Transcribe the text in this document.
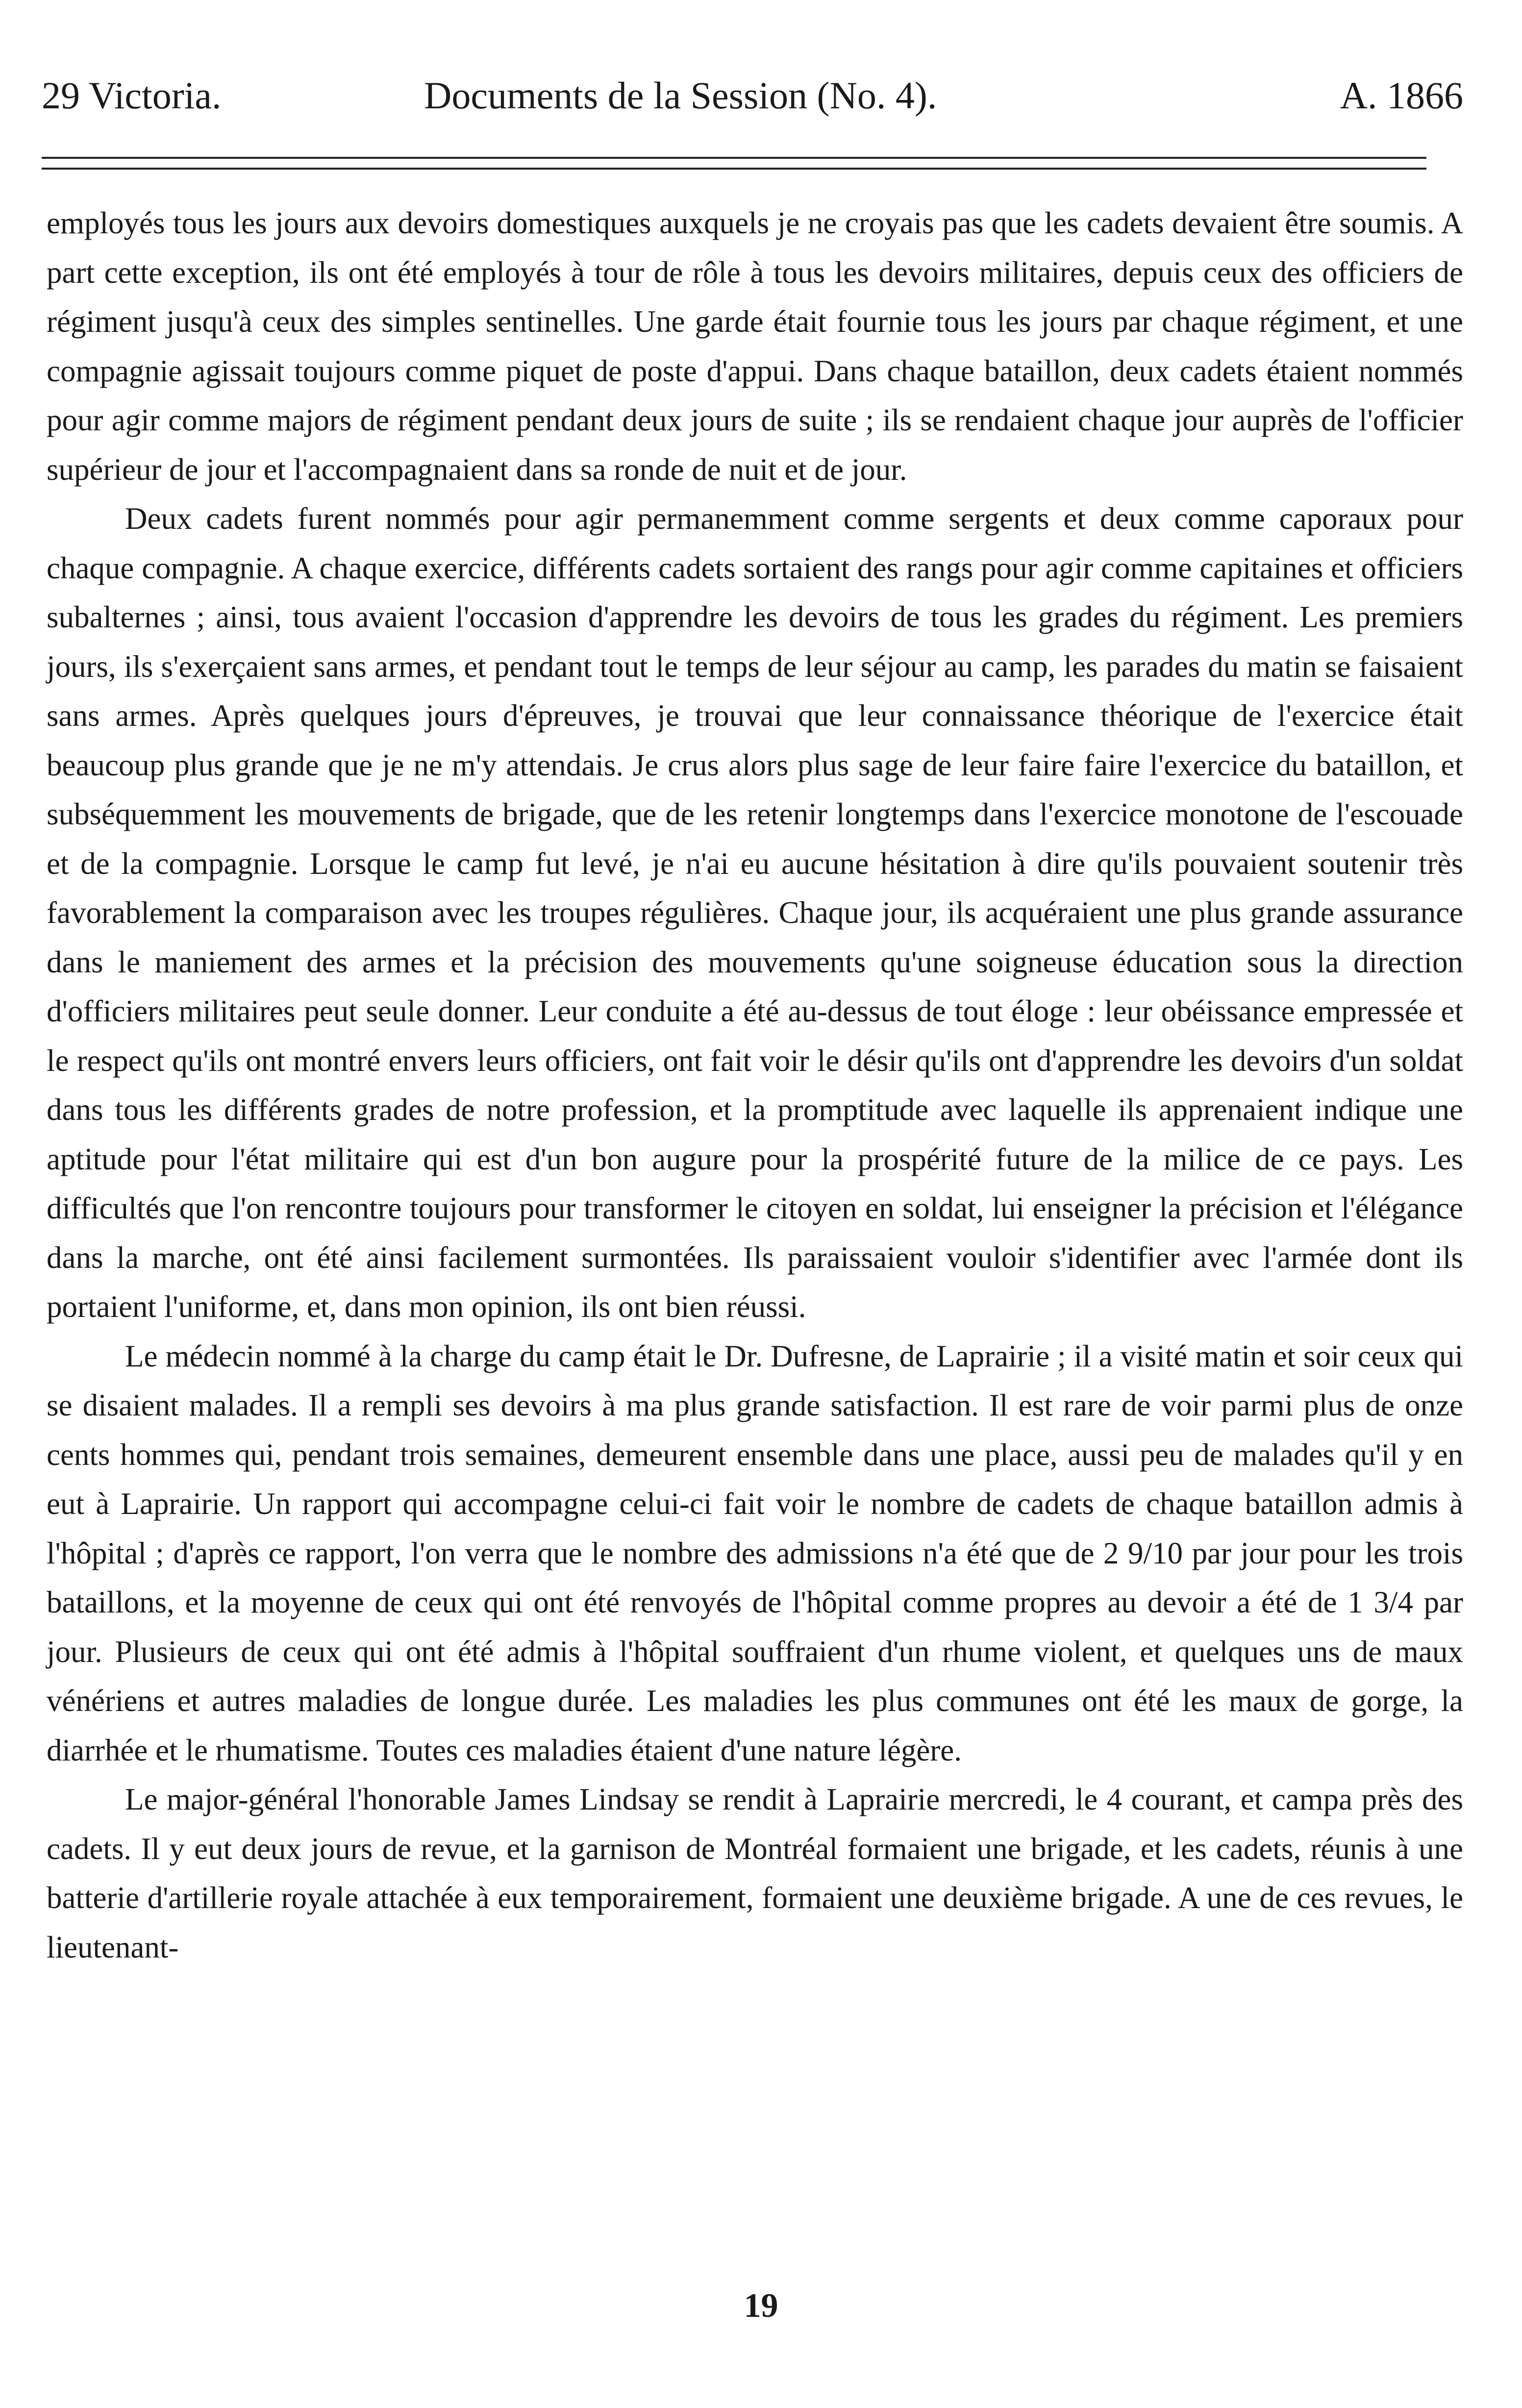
29 Victoria.	Documents de la Session (No. 4).	A. 1866

employés tous les jours aux devoirs domestiques auxquels je ne croyais pas que les cadets devaient être soumis. A part cette exception, ils ont été employés à tour de rôle à tous les devoirs militaires, depuis ceux des officiers de régiment jusqu'à ceux des simples sentinelles. Une garde était fournie tous les jours par chaque régiment, et une compagnie agissait toujours comme piquet de poste d'appui. Dans chaque bataillon, deux cadets étaient nommés pour agir comme majors de régiment pendant deux jours de suite ; ils se rendaient chaque jour auprès de l'officier supérieur de jour et l'accompagnaient dans sa ronde de nuit et de jour.

Deux cadets furent nommés pour agir permanemment comme sergents et deux comme caporaux pour chaque compagnie. A chaque exercice, différents cadets sortaient des rangs pour agir comme capitaines et officiers subalternes ; ainsi, tous avaient l'occasion d'apprendre les devoirs de tous les grades du régiment. Les premiers jours, ils s'exerçaient sans armes, et pendant tout le temps de leur séjour au camp, les parades du matin se faisaient sans armes. Après quelques jours d'épreuves, je trouvai que leur connaissance théorique de l'exercice était beaucoup plus grande que je ne m'y attendais. Je crus alors plus sage de leur faire faire l'exercice du bataillon, et subséquemment les mouvements de brigade, que de les retenir longtemps dans l'exercice monotone de l'escouade et de la compagnie. Lorsque le camp fut levé, je n'ai eu aucune hésitation à dire qu'ils pouvaient soutenir très favorablement la comparaison avec les troupes régulières. Chaque jour, ils acquéraient une plus grande assurance dans le maniement des armes et la précision des mouvements qu'une soigneuse éducation sous la direction d'officiers militaires peut seule donner. Leur conduite a été au-dessus de tout éloge : leur obéissance empressée et le respect qu'ils ont montré envers leurs officiers, ont fait voir le désir qu'ils ont d'apprendre les devoirs d'un soldat dans tous les différents grades de notre profession, et la promptitude avec laquelle ils apprenaient indique une aptitude pour l'état militaire qui est d'un bon augure pour la prospérité future de la milice de ce pays. Les difficultés que l'on rencontre toujours pour transformer le citoyen en soldat, lui enseigner la précision et l'élégance dans la marche, ont été ainsi facilement surmontées. Ils paraissaient vouloir s'identifier avec l'armée dont ils portaient l'uniforme, et, dans mon opinion, ils ont bien réussi.

Le médecin nommé à la charge du camp était le Dr. Dufresne, de Laprairie ; il a visité matin et soir ceux qui se disaient malades. Il a rempli ses devoirs à ma plus grande satisfaction. Il est rare de voir parmi plus de onze cents hommes qui, pendant trois semaines, demeurent ensemble dans une place, aussi peu de malades qu'il y en eut à Laprairie. Un rapport qui accompagne celui-ci fait voir le nombre de cadets de chaque bataillon admis à l'hôpital ; d'après ce rapport, l'on verra que le nombre des admissions n'a été que de 2 9/10 par jour pour les trois bataillons, et la moyenne de ceux qui ont été renvoyés de l'hôpital comme propres au devoir a été de 1 3/4 par jour. Plusieurs de ceux qui ont été admis à l'hôpital souffraient d'un rhume violent, et quelques uns de maux vénériens et autres maladies de longue durée. Les maladies les plus communes ont été les maux de gorge, la diarrhée et le rhumatisme. Toutes ces maladies étaient d'une nature légère.

Le major-général l'honorable James Lindsay se rendit à Laprairie mercredi, le 4 courant, et campa près des cadets. Il y eut deux jours de revue, et la garnison de Montréal formaient une brigade, et les cadets, réunis à une batterie d'artillerie royale attachée à eux temporairement, formaient une deuxième brigade. A une de ces revues, le lieutenant-

19
